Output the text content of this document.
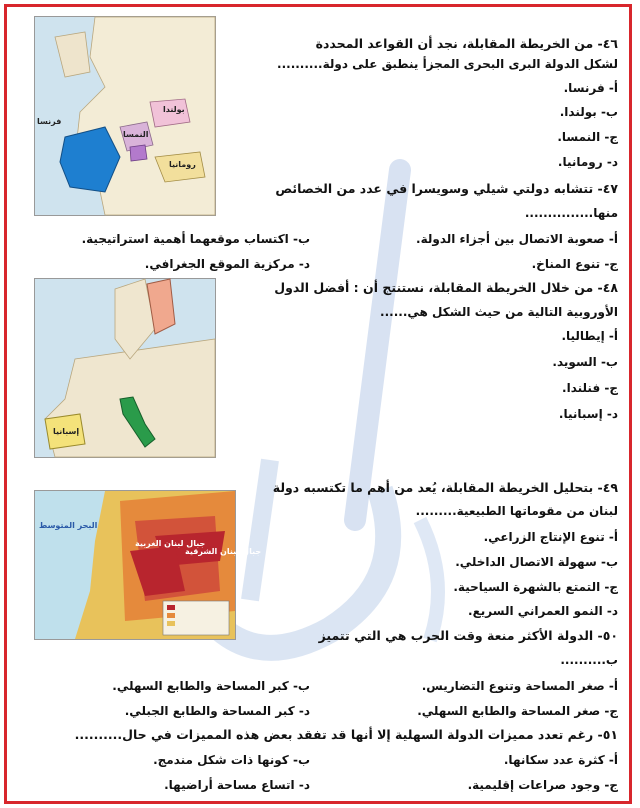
بولندا
النمسا
رومانيا
فرنسا
٤٦- من الخريطة المقابلة، نجد أن القواعد المحددة
لشكل الدولة البرى البحرى المجزأ ينطبق على دولة..........
أ- فرنسا.
ب- بولندا.
ج- النمسا.
د- رومانيا.
٤٧- تتشابه دولتي شيلي وسويسرا في عدد من الخصائص
منها...............
أ- صعوبة الاتصال بين أجزاء الدولة.
ب- اكتساب موقعهما أهمية استراتيجية.
ج- تنوع المناخ.
د- مركزية الموقع الجغرافي.
إسبانيا
٤٨- من خلال الخريطة المقابلة، نستنتج أن : أفضل الدول
الأوروبية التالية من حيث الشكل هي......
أ- إيطاليا.
ب- السويد.
ج- فنلندا.
د- إسبانيا.
البحر المتوسط
جبال لبنان الغربية
جبال لبنان الشرقية
٤٩- بتحليل الخريطة المقابلة، يُعد من أهم ما تكتسبه دولة
لبنان من مقوماتها الطبيعية.........
أ- تنوع الإنتاج الزراعي.
ب- سهولة الاتصال الداخلي.
ج- التمتع بالشهرة السياحية.
د- النمو العمراني السريع.
٥٠- الدولة الأكثر منعة وقت الحرب هي التي تتميز
ب..........
أ- صغر المساحة وتنوع التضاريس.
ب- كبر المساحة والطابع السهلي.
ج- صغر المساحة والطابع السهلي.
د- كبر المساحة والطابع الجبلي.
٥١- رغم تعدد مميزات الدولة السهلية إلا أنها قد تفقد بعض هذه المميزات في حال..........
أ- كثرة عدد سكانها.
ب- كونها ذات شكل مندمج.
ج- وجود صراعات إقليمية.
د- اتساع مساحة أراضيها.
